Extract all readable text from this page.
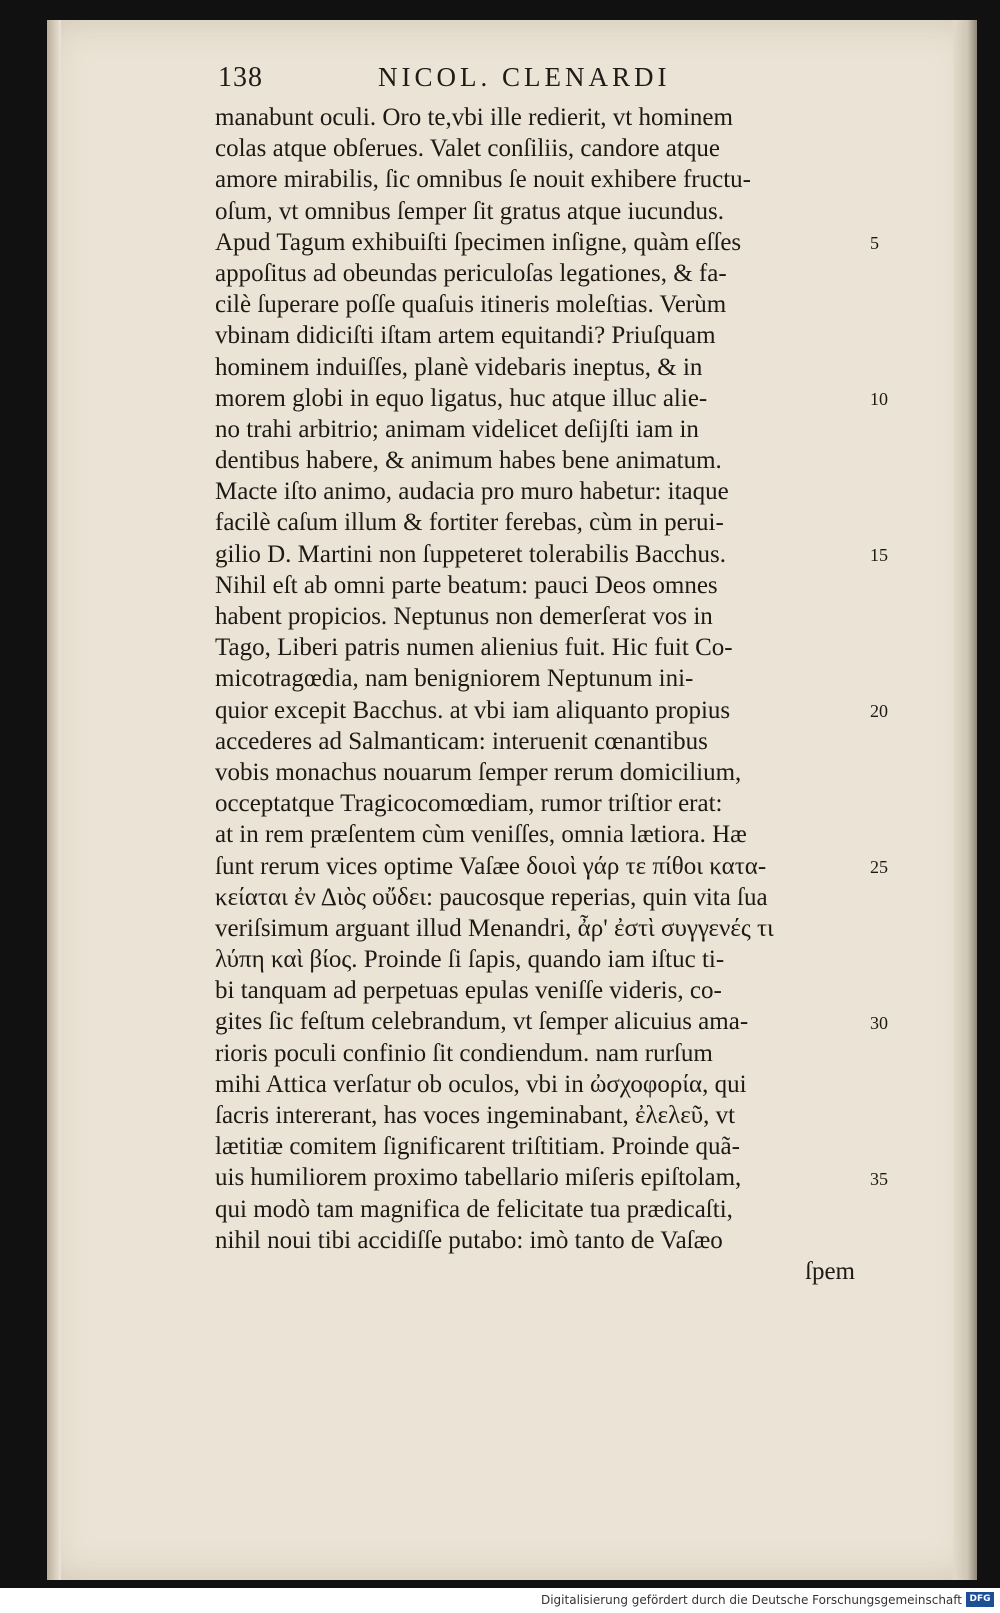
138	NICOL. CLENARDI
manabunt oculi. Oro te,vbi ille redierit, vt hominem
colas atque obſerues. Valet conſiliis, candore atque
amore mirabilis, ſic omnibus ſe nouit exhibere fructu-
oſum, vt omnibus ſemper ſit gratus atque iucundus.
Apud Tagum exhibuiſti ſpecimen inſigne, quàm eſſes
appoſitus ad obeundas periculoſas legationes, & fa-
cilè ſuperare poſſe quaſuis itineris moleſtias. Verùm
vbinam didiciſti iſtam artem equitandi? Priuſquam
hominem induiſſes, planè videbaris ineptus, & in
morem globi in equo ligatus, huc atque illuc alie-
no trahi arbitrio; animam videlicet deſijſti iam in
dentibus habere, & animum habes bene animatum.
Macte iſto animo, audacia pro muro habetur: itaque
facilè caſum illum & fortiter ferebas, cùm in perui-
gilio D. Martini non ſuppeteret tolerabilis Bacchus.
Nihil eſt ab omni parte beatum: pauci Deos omnes
habent propicios. Neptunus non demerſerat vos in
Tago, Liberi patris numen alienius fuit. Hic fuit Co-
micotragœdia, nam benigniorem Neptunum ini-
quior excepit Bacchus. at vbi iam aliquanto propius
accederes ad Salmanticam: interuenit cœnantibus
vobis monachus nouarum ſemper rerum domicilium,
occeptatque Tragicocomœdiam, rumor triſtior erat:
at in rem præſentem cùm veniſſes, omnia lætiora. Hæ
ſunt rerum vices optime Vaſæe δοιοὶ γάρ τε πίθοι κατα-
κείαται ἐν Διὸς οὔδει: paucosque reperias, quin vita ſua
veriſsimum arguant illud Menandri, ἆρ' ἐστὶ συγγενές τι
λύπη καὶ βίος. Proinde ſi ſapis, quando iam iſtuc ti-
bi tanquam ad perpetuas epulas veniſſe videris, co-
gites ſic feſtum celebrandum, vt ſemper alicuius ama-
rioris poculi confinio ſit condiendum. nam rurſum
mihi Attica verſatur ob oculos, vbi in ὠσχοφορία, qui
ſacris intererant, has voces ingeminabant, ἐλελεῦ, vt
lætitiæ comitem ſignificarent triſtitiam. Proinde quã-
uis humiliorem proximo tabellario miſeris epiſtolam,
qui modò tam magnifica de felicitate tua prædicaſti,
nihil noui tibi accidiſſe putabo: imò tanto de Vaſæo
ſpem
5
10
15
20
25
30
35
Digitalisierung gefördert durch die Deutsche Forschungsgemeinschaft DFG
